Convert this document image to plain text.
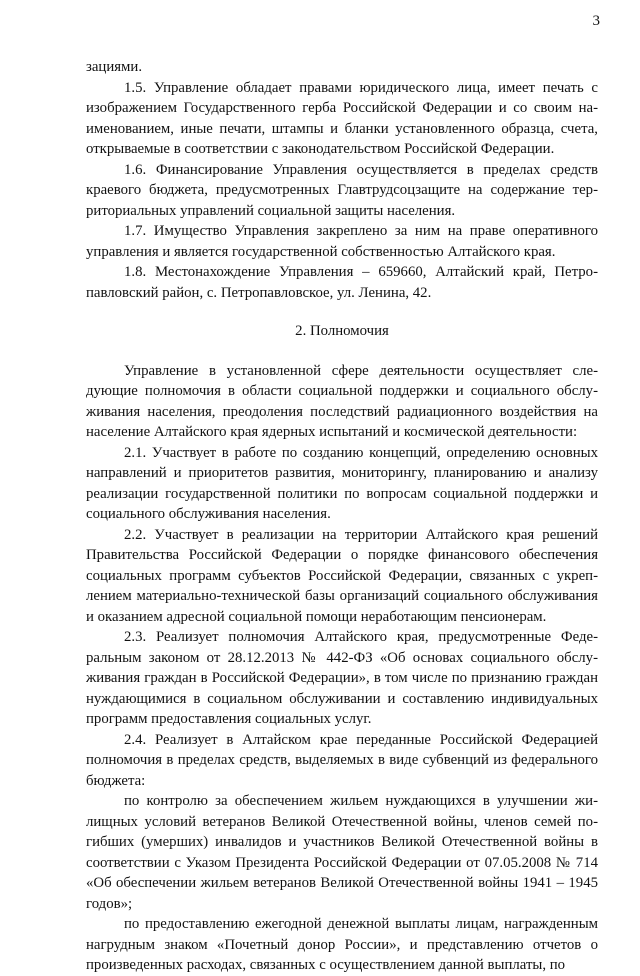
3

зациями.

1.5. Управление обладает правами юридического лица, имеет печать с изображением Государственного герба Российской Федерации и со своим наименованием, иные печати, штампы и бланки установленного образца, счета, открываемые в соответствии с законодательством Российской Федерации.

1.6. Финансирование Управления осуществляется в пределах средств краевого бюджета, предусмотренных Главтрудсоцзащите на содержание территориальных управлений социальной защиты населения.

1.7. Имущество Управления закреплено за ним на праве оперативного управления и является государственной собственностью Алтайского края.

1.8. Местонахождение Управления – 659660, Алтайский край, Петропавловский район, с. Петропавловское, ул. Ленина, 42.

2. Полномочия

Управление в установленной сфере деятельности осуществляет следующие полномочия в области социальной поддержки и социального обслуживания населения, преодоления последствий радиационного воздействия на население Алтайского края ядерных испытаний и космической деятельности:

2.1. Участвует в работе по созданию концепций, определению основных направлений и приоритетов развития, мониторингу, планированию и анализу реализации государственной политики по вопросам социальной поддержки и социального обслуживания населения.

2.2. Участвует в реализации на территории Алтайского края решений Правительства Российской Федерации о порядке финансового обеспечения социальных программ субъектов Российской Федерации, связанных с укреплением материально-технической базы организаций социального обслуживания и оказанием адресной социальной помощи неработающим пенсионерам.

2.3. Реализует полномочия Алтайского края, предусмотренные Федеральным законом от 28.12.2013 № 442-ФЗ «Об основах социального обслуживания граждан в Российской Федерации», в том числе по признанию граждан нуждающимися в социальном обслуживании и составлению индивидуальных программ предоставления социальных услуг.

2.4. Реализует в Алтайском крае переданные Российской Федерацией полномочия в пределах средств, выделяемых в виде субвенций из федерального бюджета:

по контролю за обеспечением жильем нуждающихся в улучшении жилищных условий ветеранов Великой Отечественной войны, членов семей погибших (умерших) инвалидов и участников Великой Отечественной войны в соответствии с Указом Президента Российской Федерации от 07.05.2008 № 714 «Об обеспечении жильем ветеранов Великой Отечественной войны 1941 – 1945 годов»;

по предоставлению ежегодной денежной выплаты лицам, награжденным нагрудным знаком «Почетный донор России», и представлению отчетов о произведенных расходах, связанных с осуществлением данной выплаты, по
